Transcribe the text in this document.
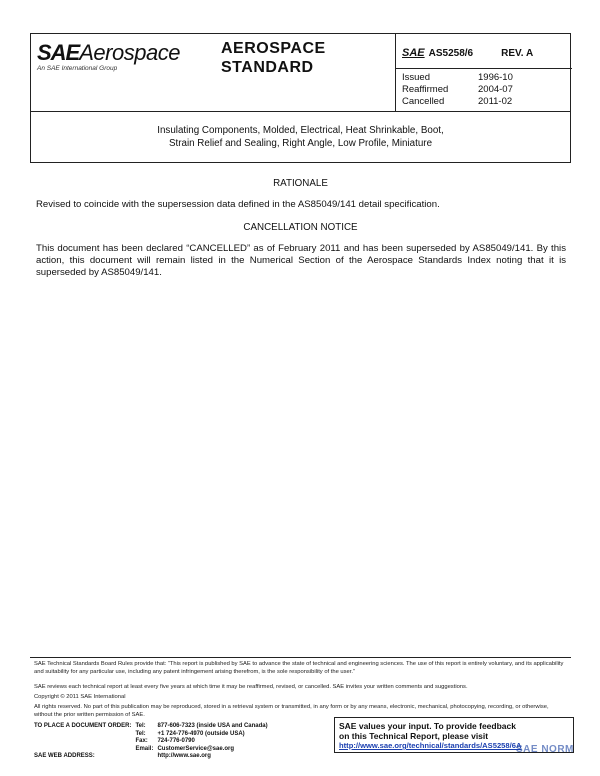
SAEAerospace
An SAE International Group
AEROSPACE
STANDARD
SAE AS5258/6	REV. A
Issued	1996-10
Reaffirmed	2004-07
Cancelled	2011-02
Insulating Components, Molded, Electrical, Heat Shrinkable, Boot,
Strain Relief and Sealing, Right Angle, Low Profile, Miniature
RATIONALE
Revised to coincide with the supersession data defined in the AS85049/141 detail specification.
CANCELLATION NOTICE
This document has been declared “CANCELLED” as of February 2011 and has been superseded by AS85049/141. By this action, this document will remain listed in the Numerical Section of the Aerospace Standards Index noting that it is superseded by AS85049/141.
SAE Technical Standards Board Rules provide that: “This report is published by SAE to advance the state of technical and engineering sciences. The use of this report is entirely voluntary, and its applicability and suitability for any particular use, including any patent infringement arising therefrom, is the sole responsibility of the user.”
SAE reviews each technical report at least every five years at which time it may be reaffirmed, revised, or cancelled. SAE invites your written comments and suggestions.
Copyright © 2011 SAE International
All rights reserved. No part of this publication may be reproduced, stored in a retrieval system or transmitted, in any form or by any means, electronic, mechanical, photocopying, recording, or otherwise, without the prior written permission of SAE.
TO PLACE A DOCUMENT ORDER:	Tel:	877-606-7323 (inside USA and Canada)
	Tel:	+1 724-776-4970 (outside USA)
	Fax:	724-776-0790
	Email:	CustomerService@sae.org
SAE WEB ADDRESS:		http://www.sae.org
SAE values your input. To provide feedback
on this Technical Report, please visit
http://www.sae.org/technical/standards/AS5258/6A
SAE NORM
